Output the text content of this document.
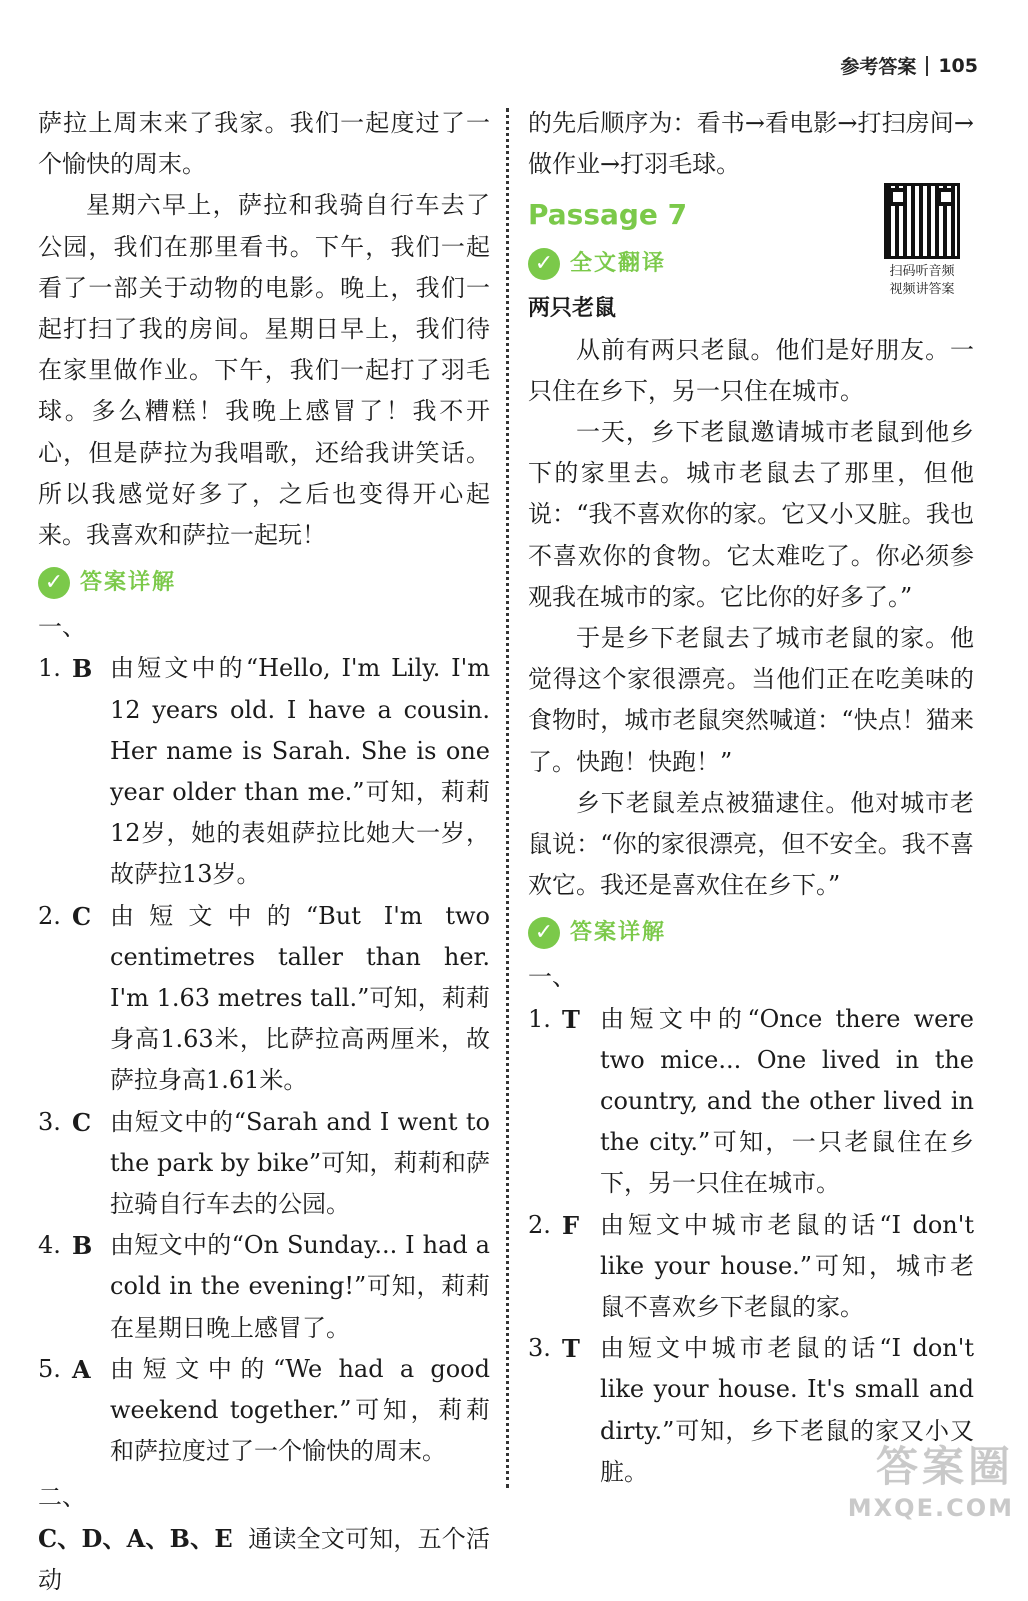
参考答案 105

萨拉上周末来了我家。我们一起度过了一个愉快的周末。

星期六早上，萨拉和我骑自行车去了公园，我们在那里看书。下午，我们一起看了一部关于动物的电影。晚上，我们一起打扫了我的房间。星期日早上，我们待在家里做作业。下午，我们一起打了羽毛球。多么糟糕！我晚上感冒了！我不开心，但是萨拉为我唱歌，还给我讲笑话。所以我感觉好多了，之后也变得开心起来。我喜欢和萨拉一起玩！

✓ 答案详解
一、
1. B 由短文中的“Hello, I'm Lily. I'm 12 years old. I have a cousin. Her name is Sarah. She is one year older than me.”可知，莉莉12岁，她的表姐萨拉比她大一岁，故萨拉13岁。
2. C 由短文中的“But I'm two centimetres taller than her. I'm 1.63 metres tall.”可知，莉莉身高1.63米，比萨拉高两厘米，故萨拉身高1.61米。
3. C 由短文中的“Sarah and I went to the park by bike”可知，莉莉和萨拉骑自行车去的公园。
4. B 由短文中的“On Sunday... I had a cold in the evening!”可知，莉莉在星期日晚上感冒了。
5. A 由短文中的“We had a good weekend together.”可知，莉莉和萨拉度过了一个愉快的周末。
二、

C、D、A、B、E 通读全文可知，五个活动

的先后顺序为：看书→看电影→打扫房间→做作业→打羽毛球。

Passage 7
✓ 全文翻译

两只老鼠

从前有两只老鼠。他们是好朋友。一只住在乡下，另一只住在城市。

一天，乡下老鼠邀请城市老鼠到他乡下的家里去。城市老鼠去了那里，但他说：“我不喜欢你的家。它又小又脏。我也不喜欢你的食物。它太难吃了。你必须参观我在城市的家。它比你的好多了。”

于是乡下老鼠去了城市老鼠的家。他觉得这个家很漂亮。当他们正在吃美味的食物时，城市老鼠突然喊道：“快点！猫来了。快跑！快跑！”

乡下老鼠差点被猫逮住。他对城市老鼠说：“你的家很漂亮，但不安全。我不喜欢它。我还是喜欢住在乡下。”

✓ 答案详解
一、
1. T 由短文中的“Once there were two mice... One lived in the country, and the other lived in the city.”可知，一只老鼠住在乡下，另一只住在城市。
2. F 由短文中城市老鼠的话“I don't like your house.”可知，城市老鼠不喜欢乡下老鼠的家。
3. T 由短文中城市老鼠的话“I don't like your house. It's small and dirty.”可知，乡下老鼠的家又小又脏。
扫码听音频
视频讲答案
答案圈
MXQE.COM
